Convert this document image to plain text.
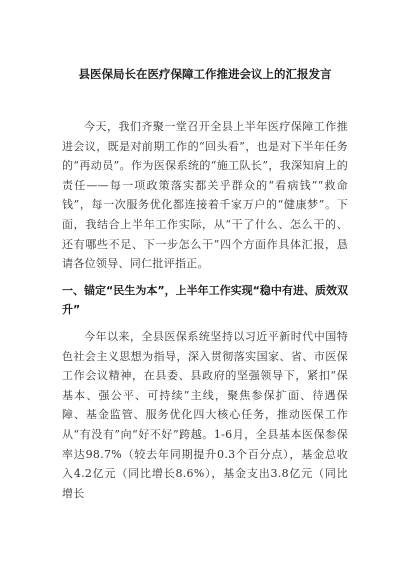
县医保局长在医疗保障工作推进会议上的汇报发言

今天，我们齐聚一堂召开全县上半年医疗保障工作推进会议，既是对前期工作的“回头看”，也是对下半年任务的“再动员”。作为医保系统的“施工队长”，我深知肩上的责任——每一项政策落实都关乎群众的“看病钱”“救命钱”，每一次服务优化都连接着千家万户的“健康梦”。下面，我结合上半年工作实际，从“干了什么、怎么干的、还有哪些不足、下一步怎么干”四个方面作具体汇报，恳请各位领导、同仁批评指正。

一、锚定“民生为本”，上半年工作实现“稳中有进、质效双升”

今年以来，全县医保系统坚持以习近平新时代中国特色社会主义思想为指导，深入贯彻落实国家、省、市医保工作会议精神，在县委、县政府的坚强领导下，紧扣“保基本、强公平、可持续”主线，聚焦参保扩面、待遇保障、基金监管、服务优化四大核心任务，推动医保工作从“有没有”向“好不好”跨越。1-6月，全县基本医保参保率达98.7%（较去年同期提升0.3个百分点），基金总收入4.2亿元（同比增长8.6%），基金支出3.8亿元（同比增长
